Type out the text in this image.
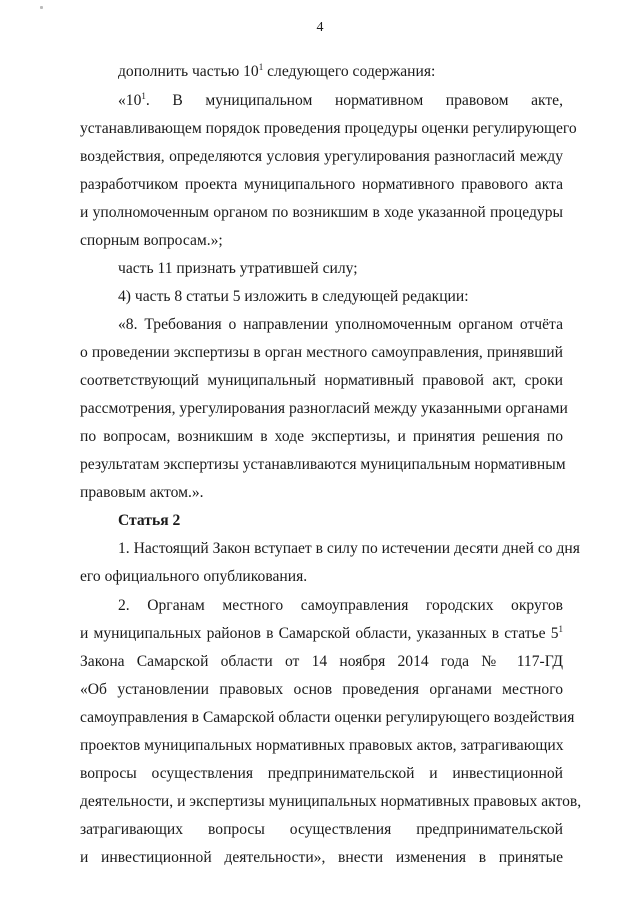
4
дополнить частью $10^1$ следующего содержания:
«$10^1$. В муниципальном нормативном правовом акте,
устанавливающем порядок проведения процедуры оценки регулирующего
воздействия, определяются условия урегулирования разногласий между
разработчиком проекта муниципального нормативного правового акта
и уполномоченным органом по возникшим в ходе указанной процедуры
спорным вопросам.»;
часть 11 признать утратившей силу;
4) часть 8 статьи 5 изложить в следующей редакции:
«8. Требования о направлении уполномоченным органом отчёта
о проведении экспертизы в орган местного самоуправления, принявший
соответствующий муниципальный нормативный правовой акт, сроки
рассмотрения, урегулирования разногласий между указанными органами
по вопросам, возникшим в ходе экспертизы, и принятия решения по
результатам экспертизы устанавливаются муниципальным нормативным
правовым актом.».
Статья 2
1. Настоящий Закон вступает в силу по истечении десяти дней со дня
его официального опубликования.
2. Органам местного самоуправления городских округов
и муниципальных районов в Самарской области, указанных в статье $5^1$
Закона Самарской области от 14 ноября 2014 года № 117-ГД
«Об установлении правовых основ проведения органами местного
самоуправления в Самарской области оценки регулирующего воздействия
проектов муниципальных нормативных правовых актов, затрагивающих
вопросы осуществления предпринимательской и инвестиционной
деятельности, и экспертизы муниципальных нормативных правовых актов,
затрагивающих вопросы осуществления предпринимательской
и инвестиционной деятельности», внести изменения в принятые
